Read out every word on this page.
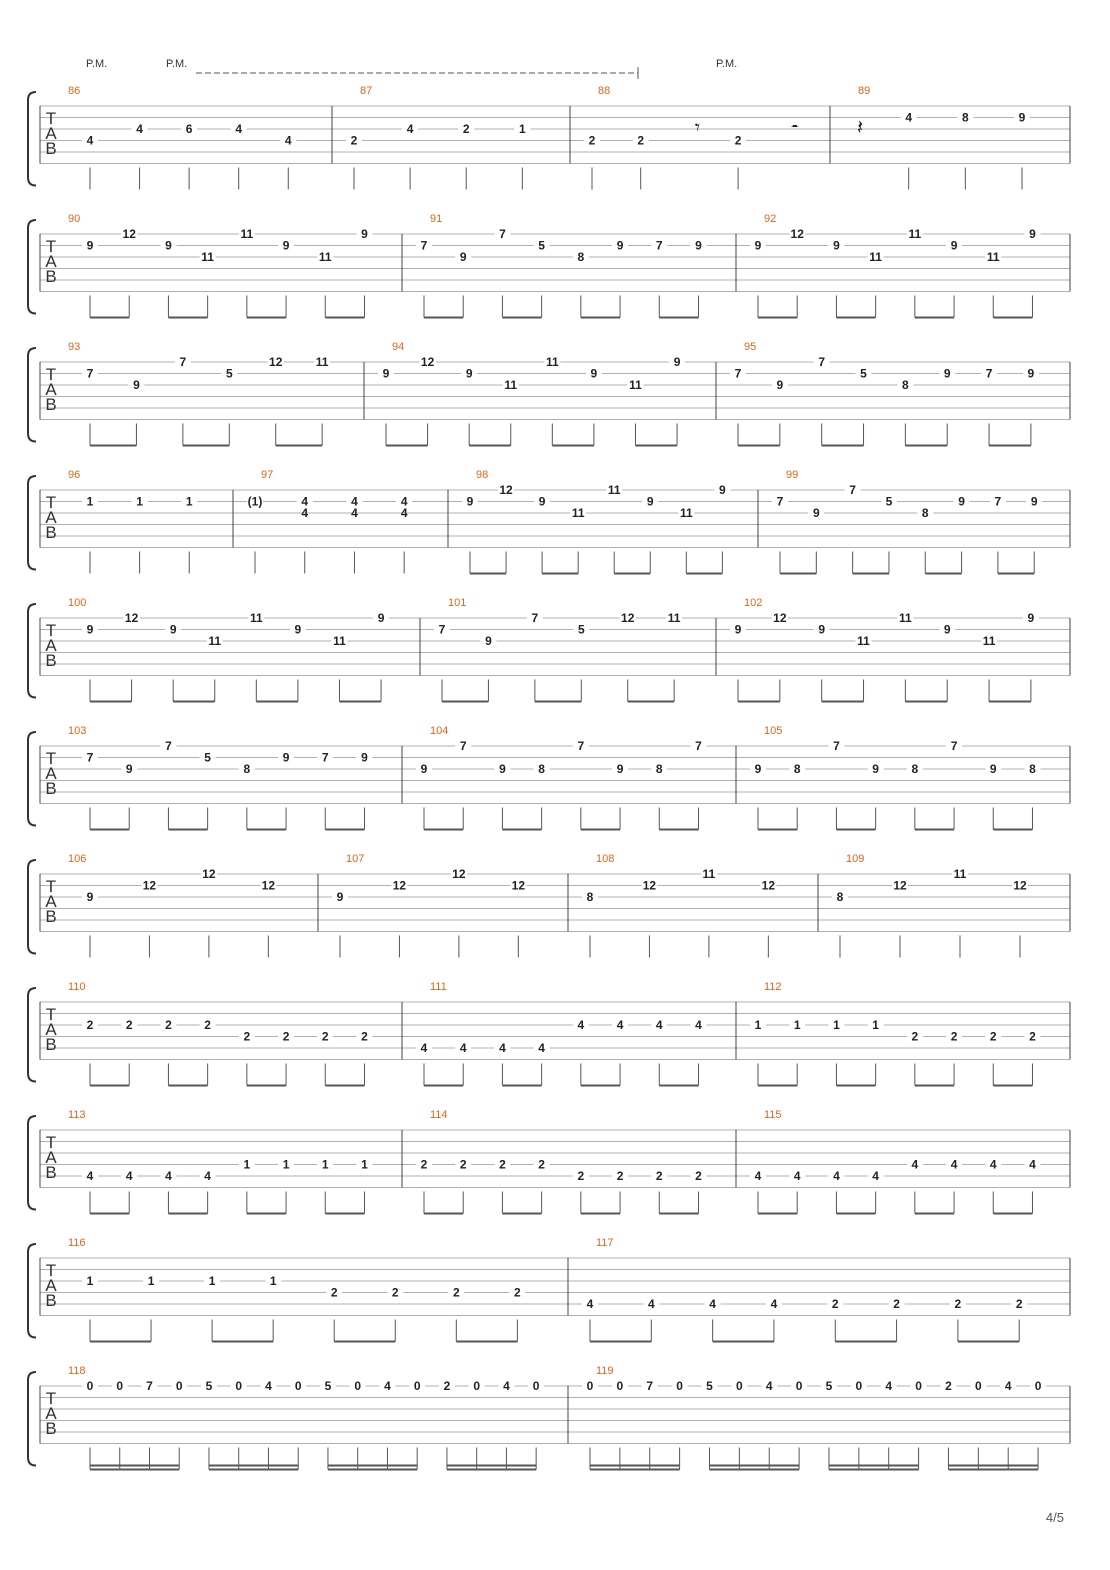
T
A
B
86
4
4	6	4
4
87
2
4	2	1
88
2	2
𝄾
2
𝄼
89
𝄽	4	8	9
T
A
B
90
9
12
9
11
11
9
11
9
91
7
9
7
5
8
9	7	9
92
9
12
9
11
11
9
11
9
T
A
B
93
7
9
7
5
12	11
94
9
12
9
11
11
9
11
9
95
7
9
7
5
8
9	7	9
T
A
B
96
1	1	1
97
(1)	4
4
4
4
4
4
98
9
12
9
11
11
9
11
9
99
7
9
7
5
8
9 7 9
T
A
B
100
9
12
9
11
11
9
11
9
101
7
9
7
5
12	11
102
9
12
9
11
11
9
11
9
T
A
B
103
7
9
7
5
8
9	7	9
104
9
7
9	8
7
9	8
7
105
9	8
7
9	8
7
9	8
T
A
B
106
9
12
12
12
107
9
12
12
12
108
8
12
11
12
109
8
12
11
12
T
A
B
110
2	2	2	2
2	2	2	2
111
4	4	4	4
4	4	4	4
112
1	1	1	1
2	2	2	2
T
A
B
113
4	4	4	4
1	1	1	1
114
2	2	2	2
2	2	2	2
115
4	4	4	4
4	4	4	4
T
A
B
116
1	1	1	1
2	2	2	2
117
4	4	4	4	2	2	2	2
T
A
B
118
0 0 7 0 5 0 4 0 5 0 4 0 2 0 4 0
119
0 0 7 0 5 0 4 0 5 0 4 0 2 0 4 0
P.M.	P.M.	P.M.
4/5
